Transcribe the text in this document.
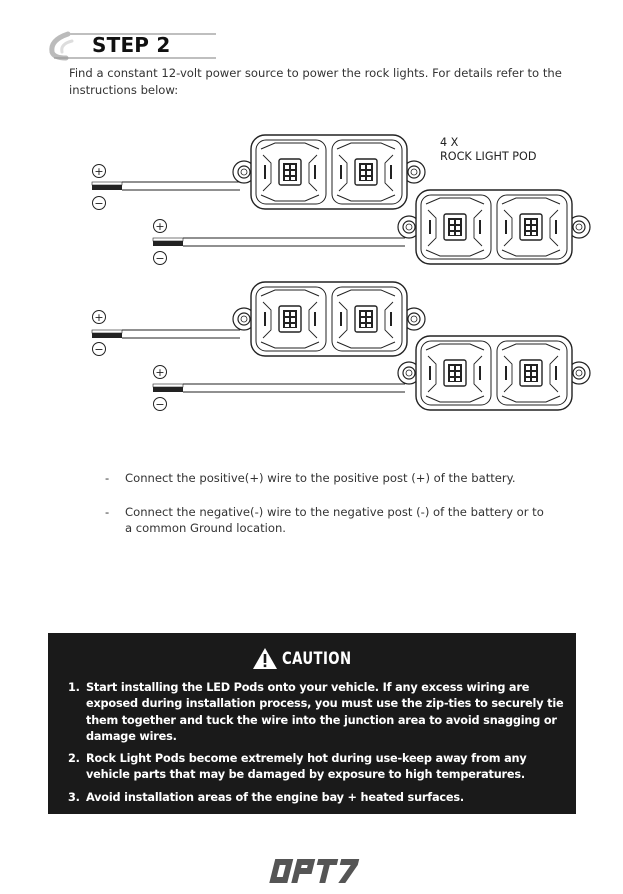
STEP 2
Find a constant 12-volt power source to power the rock lights. For details refer to the instructions below:
+
−
+
−
+
−
+
−
4 X
ROCK LIGHT POD
- Connect the positive(+) wire to the positive post (+) of the battery.
- Connect the negative(-) wire to the negative post (-) of the battery or to a common Ground location.
CAUTION
1. Start installing the LED Pods onto your vehicle. If any excess wiring are exposed during installation process, you must use the zip-ties to securely tie them together and tuck the wire into the junction area to avoid snagging or damage wires.
2. Rock Light Pods become extremely hot during use-keep away from any vehicle parts that may be damaged by exposure to high temperatures.
3. Avoid installation areas of the engine bay + heated surfaces.
